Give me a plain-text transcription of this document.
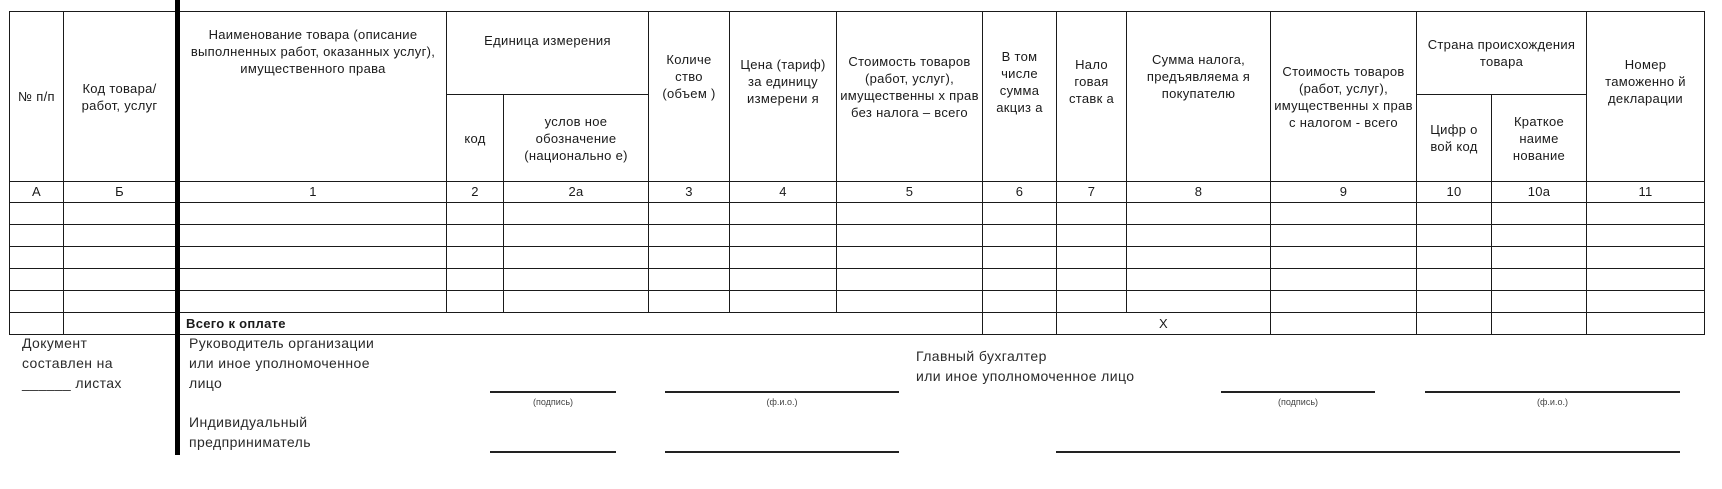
№ п/п	Код товара/ работ, услуг	Наименование товара (описание выполненных работ, оказанных услуг), имущественного права	Единица измерения		Количе ство (объем )	Цена (тариф) за единицу измерени я	Стоимость товаров (работ, услуг), имущественны х прав без налога – всего	В том числе сумма акциз а	Нало говая ставк а	Сумма налога, предъявляема я покупателю	Стоимость товаров (работ, услуг), имущественны х прав с налогом - всего	Страна происхождения товара		Номер таможенно й декларации	
			код	услов ное обозначение (национально е)								Цифр о вой код	Краткое наиме нование		
А	Б	1	2	2а	3	4	5	6	7	8	9	10	10а	11	

		Всего к оплате							X						
Документ
составлен на
______ листах
Руководитель организации
или иное уполномоченное
лицо
Индивидуальный
предприниматель
(подпись)	(ф.и.о.)
Главный бухгалтер
или иное уполномоченное лицо
(подпись)	(ф.и.о.)
